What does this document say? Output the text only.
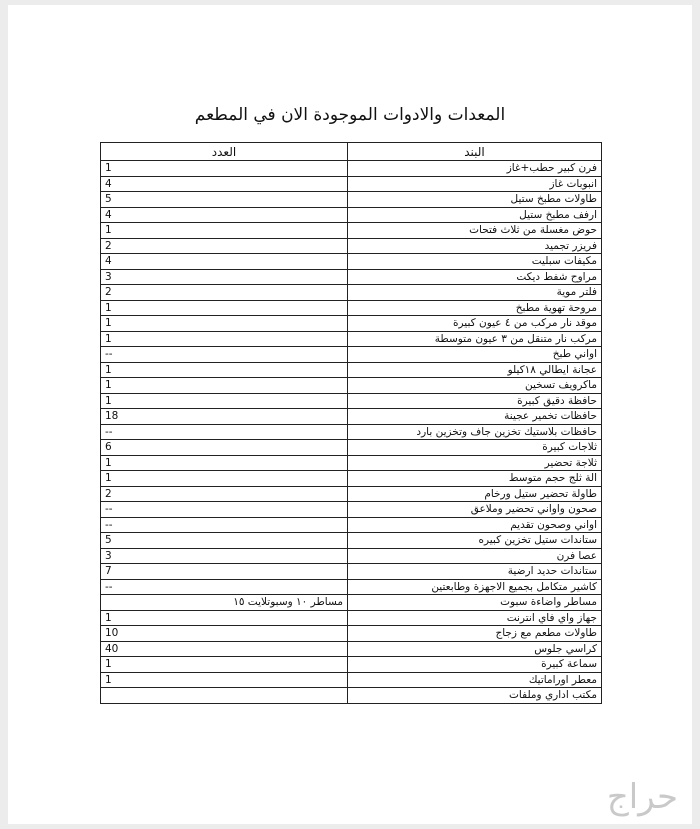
المعدات والادوات الموجودة الان في المطعم
العدد	البند
1	فرن كبير حطب+غاز
4	انبوبات غاز
5	طاولات مطبخ ستيل
4	ارفف مطبخ ستيل
1	حوض مغسلة من ثلاث فتحات
2	فريزر تجميد
4	مكيفات سبليت
3	مراوح شفط ديكت
2	فلتر موية
1	مروحة تهوية مطبخ
1	موقد نار مركب من ٤ عيون كبيرة
1	مركب نار متنقل من ٣ عيون متوسطة
--	اواني طبخ
1	عجانة ايطالي ١٨كيلو
1	ماكرويف تسخين
1	حافظة دقيق كبيرة
18	حافظات تخمير عجينة
--	حافظات بلاستيك تخزين جاف وتخزين بارد
6	ثلاجات كبيرة
1	ثلاجة تحضير
1	الة ثلج حجم متوسط
2	طاولة تحضير ستيل ورخام
--	صحون واواني تحضير وملاعق
--	اواني وصحون تقديم
5	ستاندات ستيل تخزين كبيره
3	عصا فرن
7	ستاندات حديد ارضية
--	كاشير متكامل بجميع الاجهزة وطابعتين
مساطر ١٠ وسبوتلايت ١٥	مساطر واضاءة سبوت
1	جهاز واي فاي انترنت
10	طاولات مطعم مع زجاج
40	كراسي جلوس
1	سماعة كبيرة
1	معطر اوراماتيك
	مكتب اداري وملفات
حراج
